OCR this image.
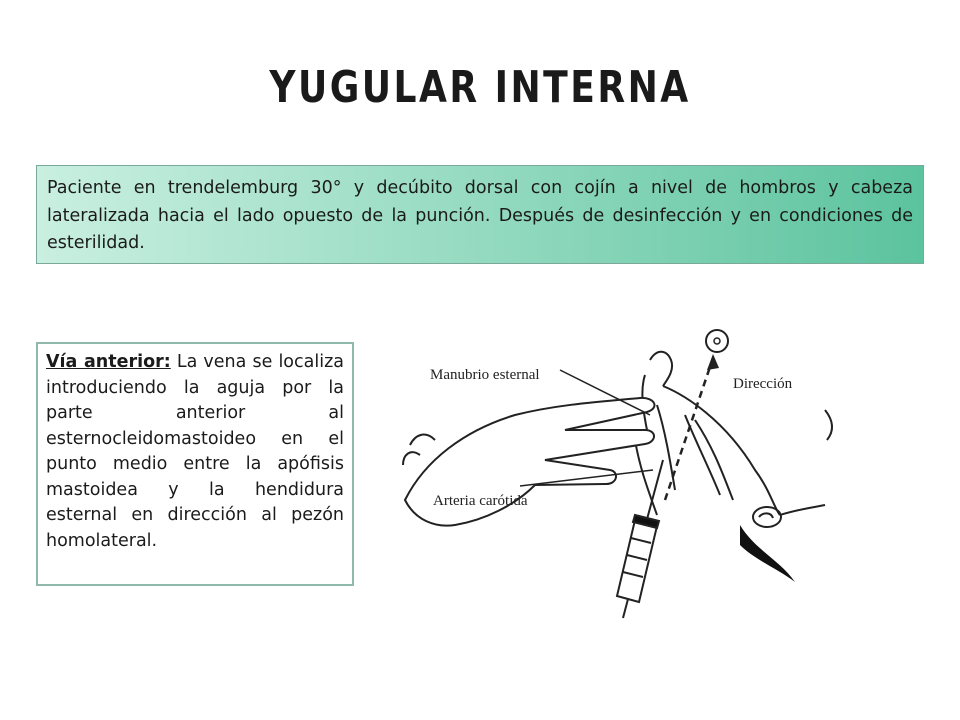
YUGULAR INTERNA
Paciente en trendelemburg 30° y decúbito dorsal con cojín a nivel de hombros y cabeza lateralizada hacia el lado opuesto de la punción. Después de desinfección y en condiciones de esterilidad.
Vía anterior: La vena se localiza introduciendo la aguja por la parte anterior al esternocleidomastoideo en el punto medio entre la apófisis mastoidea y la hendidura esternal en dirección al pezón homolateral.
Manubrio esternal
Dirección
Arteria carótida
